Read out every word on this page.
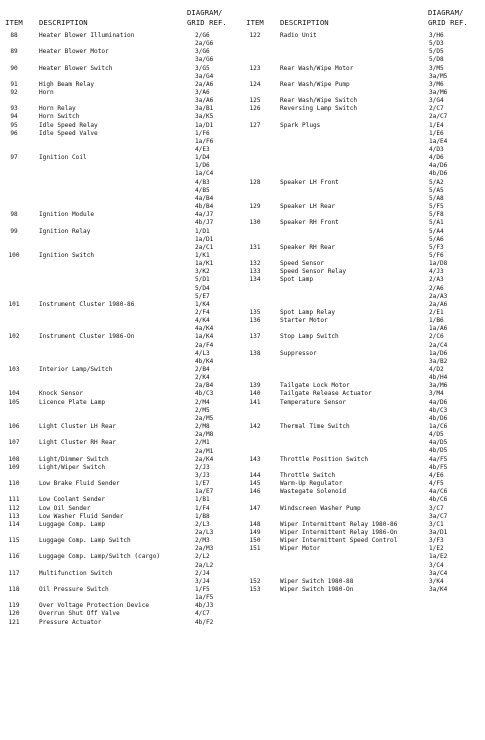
ITEM DESCRIPTION
DIAGRAM/
GRID REF.
88	Heater Blower Illumination	2/G6
2a/G6
89	Heater Blower Motor	3/G6
3a/G6
90	Heater Blower Switch	3/G5
3a/G4
91	High Beam Relay	2a/A6
92	Horn	3/A6
3a/A6
93	Horn Relay	3a/B1
94	Horn Switch	3a/K5
95	Idle Speed Relay	1a/D1
96	Idle Speed Valve	1/F6
1a/F6
4/E3
97	Ignition Coil	1/D4
1/D6
1a/C4
4/B3
4/B5
4a/B4
4b/B4
98	Ignition Module	4a/J7
4b/J7
99	Ignition Relay	1/D1
1a/D1
2a/C1
100	Ignition Switch	1/K1
1a/K1
3/K2
5/D1
5/D4
5/E7
101	Instrument Cluster 1980-86	1/K4
2/F4
4/K4
4a/K4
102	Instrument Cluster 1986-On	1a/K4
2a/F4
4/L3
4b/K4
103	Interior Lamp/Switch	2/B4
2/K4
2a/B4
104	Knock Sensor	4b/C3
105	Licence Plate Lamp	2/M4
2/M5
2a/M5
106	Light Cluster LH Rear	2/M8
2a/M8
107	Light Cluster RH Rear	2/M1
2a/M1
108	Light/Dimmer Switch	2a/K4
109	Light/Wiper Switch	2/J3
3/J3
110	Low Brake Fluid Sender	1/E7
1a/E7
111	Low Coolant Sender	1/B1
112	Low Oil Sender	1/F4
113	Low Washer Fluid Sender	1/B8
114	Luggage Comp. Lamp	2/L3
2a/L3
115	Luggage Comp. Lamp Switch	2/M3
2a/M3
116	Luggage Comp. Lamp/Switch (cargo)	2/L2
2a/L2
117	Multifunction Switch	2/J4
3/J4
118	Oil Pressure Switch	1/F5
1a/F5
119	Over Voltage Protection Device	4b/J3
120	Overrun Shut Off Valve	4/C7
121	Pressure Actuator	4b/F2
ITEM DESCRIPTION
DIAGRAM/
GRID REF.
122	Radio Unit	3/H6
5/D3
5/D5
5/D8
123	Rear Wash/Wipe Motor	3/M5
3a/M5
124	Rear Wash/Wipe Pump	3/M6
3a/M6
125	Rear Wash/Wipe Switch	3/G4
126	Reversing Lamp Switch	2/C7
2a/C7
127	Spark Plugs	1/E4
1/E6
1a/E4
4/D3
4/D6
4a/D6
4b/D6
128	Speaker LH Front	5/A2
5/A5
5/A8
129	Speaker LH Rear	5/F5
5/F8
130	Speaker RH Front	5/A1
5/A4
5/A6
131	Speaker RH Rear	5/F3
5/F6
132	Speed Sensor	1a/D8
133	Speed Sensor Relay	4/J3
134	Spot Lamp	2/A3
2/A6
2a/A3
2a/A6
135	Spot Lamp Relay	2/E1
136	Starter Motor	1/B6
1a/A6
137	Stop Lamp Switch	2/C6
2a/C4
138	Suppressor	1a/D6
3a/B2
4/D2
4b/H4
139	Tailgate Lock Motor	3a/M6
140	Tailgate Release Actuator	3/M4
141	Temperature Sensor	4a/D6
4b/C3
4b/D6
142	Thermal Time Switch	1a/C6
4/D5
4a/D5
4b/D5
143	Throttle Position Switch	4a/F5
4b/F5
144	Throttle Switch	4/E6
145	Warm-Up Regulator	4/F5
146	Wastegate Solenoid	4a/C6
4b/C6
147	Windscreen Washer Pump	3/C7
3a/C7
148	Wiper Intermittent Relay 1980-86	3/C1
149	Wiper Intermittent Relay 1986-On	3a/D1
150	Wiper Intermittent Speed Control	3/F3
151	Wiper Motor	1/E2
1a/E2
3/C4
3a/C4
152	Wiper Switch 1980-88	3/K4
153	Wiper Switch 1980-On	3a/K4
